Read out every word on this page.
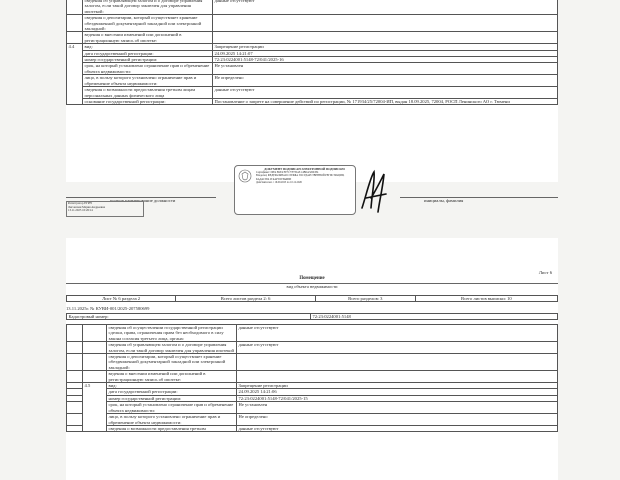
	сведения об управляющем залогом и о договоре управления залогом, если такой договор заключен для управления ипотекой:	данные отсутствуют
	сведения о депозитарии, который осуществляет хранение обездвиженной документарной закладной или электронной закладной:	
	ведения о внесении изменений или дополнений в регистрационную запись об ипотеке:	
4.4	вид:	Запрещение регистрации
	дата государственной регистрации:	24.09.2025 14:21:07
	номер государственной регистрации:	72:23:0224001:5148-72/041/2025-16
	срок, на который установлено ограничение прав и обременение объекта недвижимости:	Не установлен
	лицо, в пользу которого установлено ограничение прав и обременение объекта недвижимости:	Не определено
	сведения о возможности предоставления третьим лицам персональных данных физического лица	данные отсутствуют
	основание государственной регистрации:	Постановление о запрете на совершение действий по регистрации, № 171934/25/72004-ИП, выдан 18.09.2025, 72004, РОСП Ленинского АО г. Тюмени
ДОКУМЕНТ ПОДПИСАН ЭЛЕКТРОННОЙ ПОДПИСЬЮ
Сертификат: 00FA ЕКЕ4 ЕЕ7C77E7DA8 14BDA32DCB4
Владелец: ФЕДЕРАЛЬНАЯ СЛУЖБА ГОСУДАРСТВЕННОЙ РЕГИСТРАЦИИ, КАДАСТРА И КАРТОГРАФИИ
Действителен: с 16.09.2025 по 10.12.2026
полное наименование должности	инициалы, фамилия
Регистратор ЕГРН
Лисовская Мария Андреевна
13.11.2025 10:26:14
Лист 6
Помещение
вид объекта недвижимости
Лист № 6 раздела 2	Всего листов раздела 2: 6	Всего разделов: 3	Всего листов выписки: 10
13.11.2025г. № КУВИ-001/2025-207580699
Кадастровый номер:	72:23:0224001:5148
		сведения об осуществлении государственной регистрации сделки, права, ограничения права без необходимого в силу закона согласия третьего лица, органа:	данные отсутствуют
		сведения об управляющем залогом и о договоре управления залогом, если такой договор заключен для управления ипотекой	данные отсутствуют
		сведения о депозитарии, который осуществляет хранение обездвиженной документарной закладной или электронной закладной:	
		ведения о внесении изменений или дополнений в регистрационную запись об ипотеке:	
	4.5	вид:	Запрещение регистрации
		дата государственной регистрации:	24.09.2025 14:21:06
		номер государственной регистрации:	72:23:0224001:5148-72/041/2025-15
		срок, на который установлено ограничение прав и обременение объекта недвижимости:	Не установлен
		лицо, в пользу которого установлено ограничение прав и обременение объекта недвижимости:	Не определено
		сведения о возможности предоставления третьим	данные отсутствуют
